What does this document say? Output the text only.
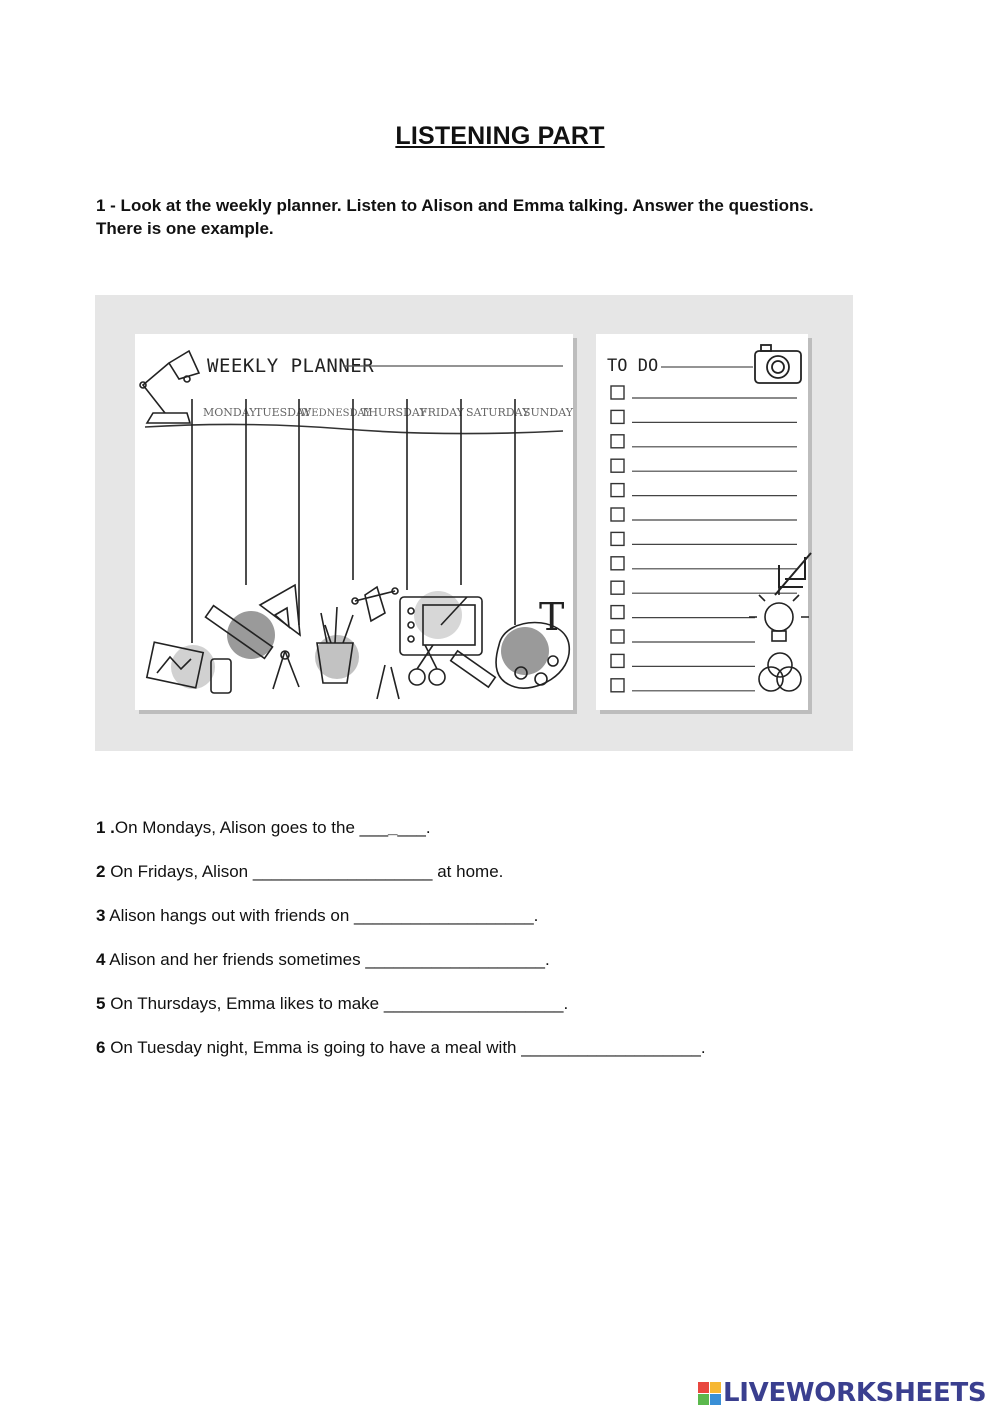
LISTENING PART
1 - Look at the weekly planner. Listen to Alison and Emma talking. Answer the questions.
There is one example.
WEEKLY PLANNER
MONDAY
TUESDAY
WEDNESDAY
THURSDAY
FRIDAY SATURDAY
SUNDAY
T
TO DO
1 .On Mondays, Alison goes to the _______.
2 On Fridays, Alison ___________________ at home.
3 Alison hangs out with friends on ___________________.
4 Alison and her friends sometimes ___________________.
5 On Thursdays, Emma likes to make ___________________.
6 On Tuesday night, Emma is going to have a meal with ___________________.
LIVEWORKSHEETS
